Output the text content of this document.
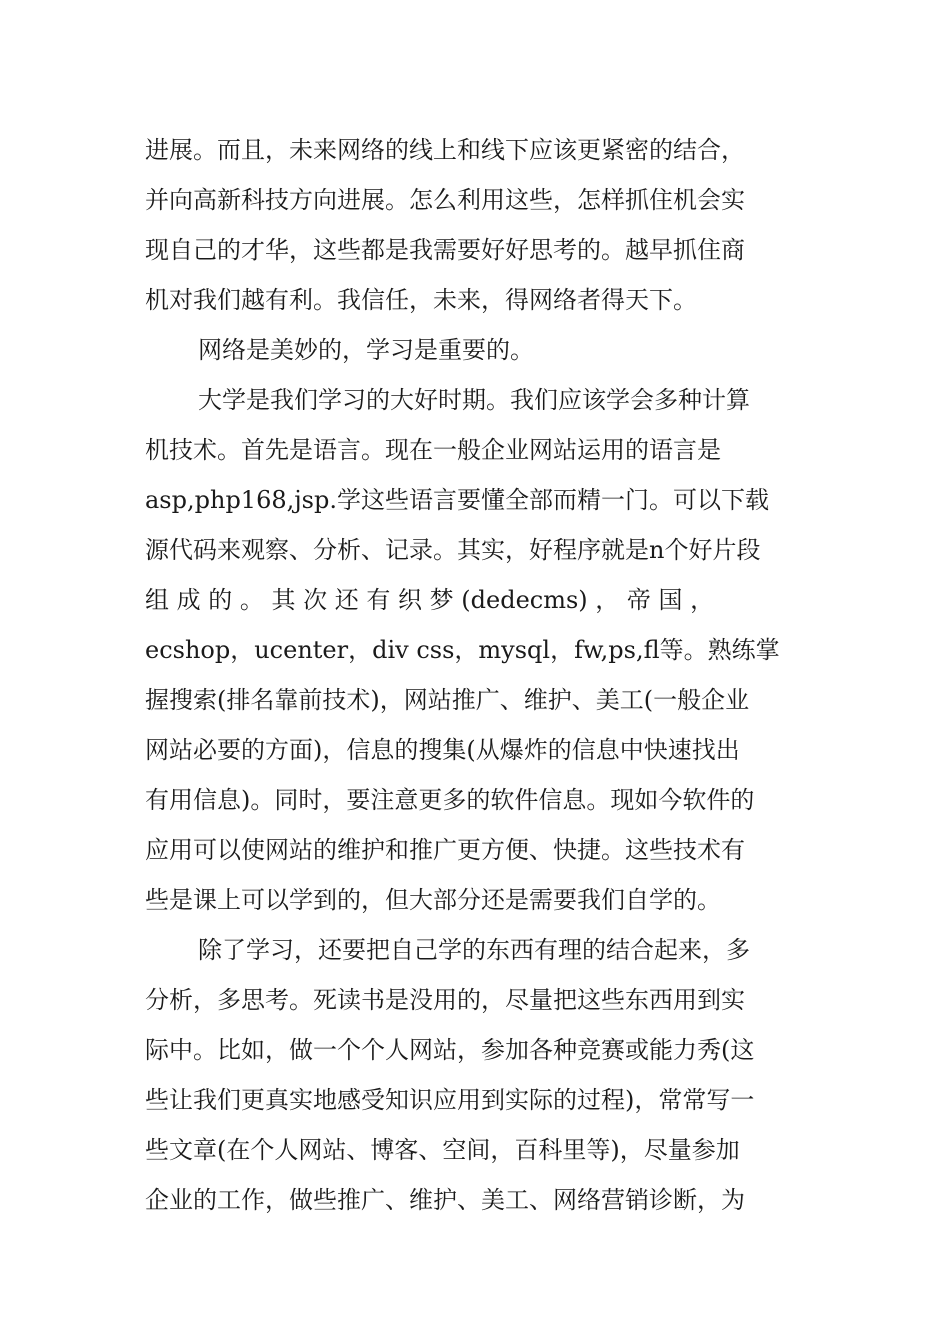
进展。而且，未来网络的线上和线下应该更紧密的结合，
并向高新科技方向进展。怎么利用这些，怎样抓住机会实
现自己的才华，这些都是我需要好好思考的。越早抓住商
机对我们越有利。我信任，未来，得网络者得天下。
网络是美妙的，学习是重要的。
大学是我们学习的大好时期。我们应该学会多种计算
机技术。首先是语言。现在一般企业网站运用的语言是
asp,php168,jsp.学这些语言要懂全部而精一门。可以下载
源代码来观察、分析、记录。其实，好程序就是n个好片段
组 成 的 。 其 次 还 有 织 梦 (dedecms) ， 帝 国 ，
ecshop，ucenter，div css，mysql，fw,ps,fl等。熟练掌
握搜索(排名靠前技术)，网站推广、维护、美工(一般企业
网站必要的方面)，信息的搜集(从爆炸的信息中快速找出
有用信息)。同时，要注意更多的软件信息。现如今软件的
应用可以使网站的维护和推广更方便、快捷。这些技术有
些是课上可以学到的，但大部分还是需要我们自学的。
除了学习，还要把自己学的东西有理的结合起来，多
分析，多思考。死读书是没用的，尽量把这些东西用到实
际中。比如，做一个个人网站，参加各种竞赛或能力秀(这
些让我们更真实地感受知识应用到实际的过程)，常常写一
些文章(在个人网站、博客、空间，百科里等)，尽量参加
企业的工作，做些推广、维护、美工、网络营销诊断，为
